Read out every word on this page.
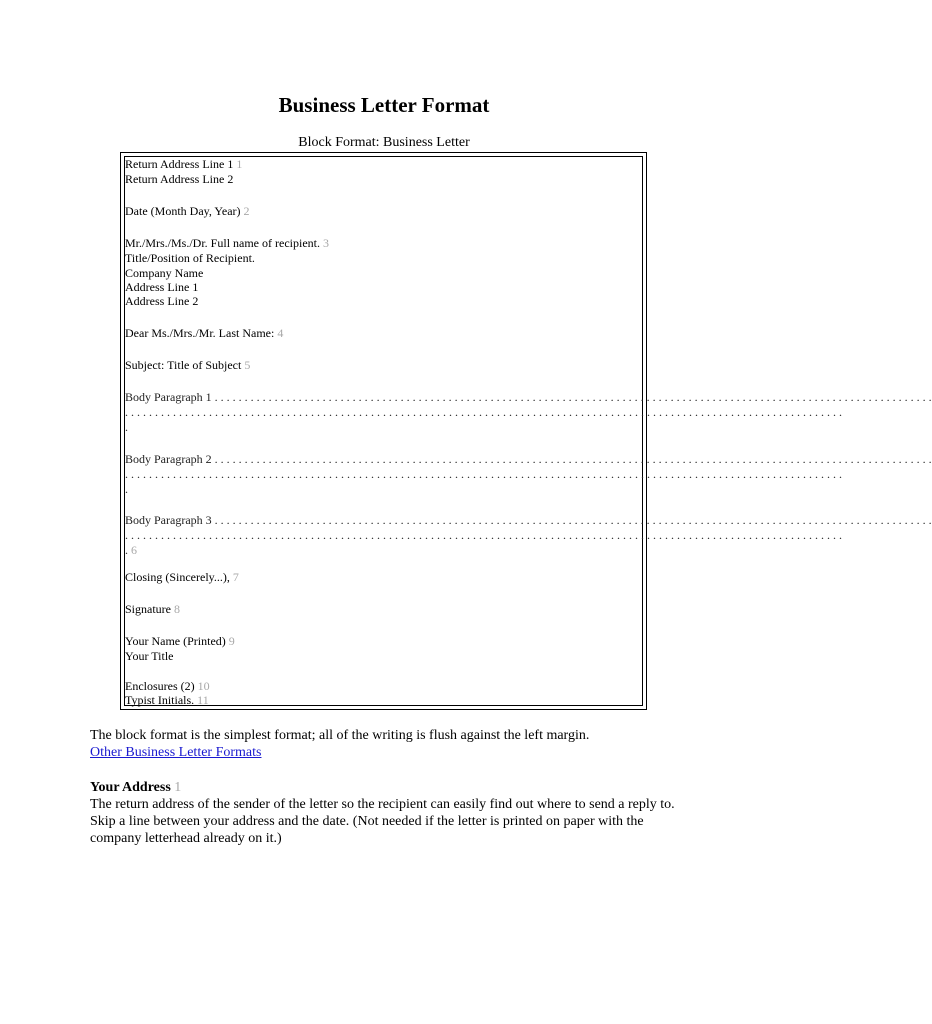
Business Letter Format
Block Format: Business Letter
Return Address Line 1 1
Return Address Line 2
Date (Month Day, Year) 2
Mr./Mrs./Ms./Dr. Full name of recipient. 3
Title/Position of Recipient.
Company Name
Address Line 1
Address Line 2
Dear Ms./Mrs./Mr. Last Name: 4
Subject: Title of Subject 5
Body Paragraph 1 . . . . . . . . . . . . . . . . . . . . . . . . . . . . . . . . . . . . . . . . . . . . . . . . . . . . . . . . . . . . . . . . . . . . . . . . . . . . . . . . . . . . . . . . . . . . . . . . . . . . . . . . . . . . . . . . . . . . . . . .
. . . . . . . . . . . . . . . . . . . . . . . . . . . . . . . . . . . . . . . . . . . . . . . . . . . . . . . . . . . . . . . . . . . . . . . . . . . . . . . . . . . . . . . . . . . . . . . . . . . . . . . . . . . . . . . . . . . . . . . .
.
Body Paragraph 2 . . . . . . . . . . . . . . . . . . . . . . . . . . . . . . . . . . . . . . . . . . . . . . . . . . . . . . . . . . . . . . . . . . . . . . . . . . . . . . . . . . . . . . . . . . . . . . . . . . . . . . . . . . . . . . . . . . . . . . . .
. . . . . . . . . . . . . . . . . . . . . . . . . . . . . . . . . . . . . . . . . . . . . . . . . . . . . . . . . . . . . . . . . . . . . . . . . . . . . . . . . . . . . . . . . . . . . . . . . . . . . . . . . . . . . . . . . . . . . . . .
.
Body Paragraph 3 . . . . . . . . . . . . . . . . . . . . . . . . . . . . . . . . . . . . . . . . . . . . . . . . . . . . . . . . . . . . . . . . . . . . . . . . . . . . . . . . . . . . . . . . . . . . . . . . . . . . . . . . . . . . . . . . . . . . . . . .
. . . . . . . . . . . . . . . . . . . . . . . . . . . . . . . . . . . . . . . . . . . . . . . . . . . . . . . . . . . . . . . . . . . . . . . . . . . . . . . . . . . . . . . . . . . . . . . . . . . . . . . . . . . . . . . . . . . . . . . .
. 6
Closing (Sincerely...), 7
Signature 8
Your Name (Printed) 9
Your Title
Enclosures (2) 10
Typist Initials. 11
The block format is the simplest format; all of the writing is flush against the left margin.
Other Business Letter Formats
Your Address 1
The return address of the sender of the letter so the recipient can easily find out where to send a reply to. Skip a line between your address and the date. (Not needed if the letter is printed on paper with the company letterhead already on it.)
